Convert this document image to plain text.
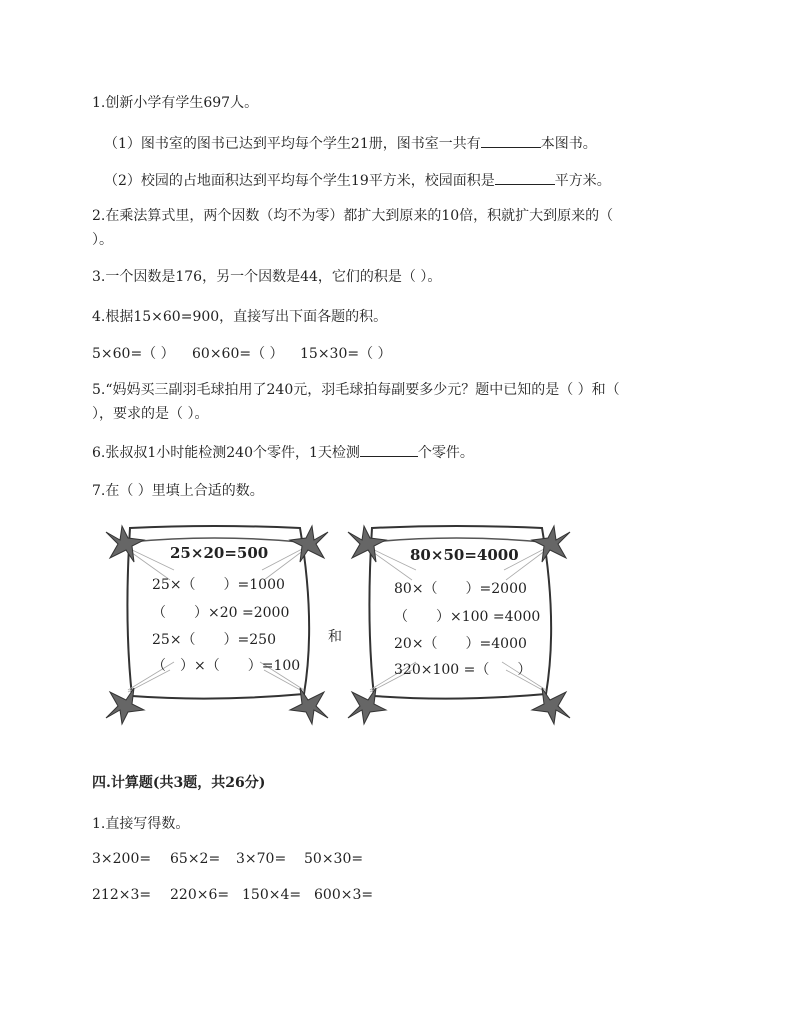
1.创新小学有学生697人。
（1）图书室的图书已达到平均每个学生21册，图书室一共有	本图书。
（2）校园的占地面积达到平均每个学生19平方米，校园面积是	平方米。
2.在乘法算式里，两个因数（均不为零）都扩大到原来的10倍，积就扩大到原来的（
）。
3.一个因数是176，另一个因数是44，它们的积是（ ）。
4.根据15×60=900，直接写出下面各题的积。
5×60=（ ） 60×60=（ ） 15×30=（ ）
5.“妈妈买三副羽毛球拍用了240元，羽毛球拍每副要多少元？题中已知的是（ ）和（
），要求的是（ ）。
6.张叔叔1小时能检测240个零件，1天检测	个零件。
7.在（ ）里填上合适的数。
25×20=500
25×（　　）=1000
（　　）×20 =2000
25×（　　）=250
（　）×（　　）=100
和
80×50=4000
80×（　　）=2000
（　　）×100 =4000
20×（　　）=4000
320×100 =（　　）
四.计算题(共3题，共26分)
1.直接写得数。
3×200= 65×2= 3×70= 50×30=
212×3= 220×6= 150×4= 600×3=
